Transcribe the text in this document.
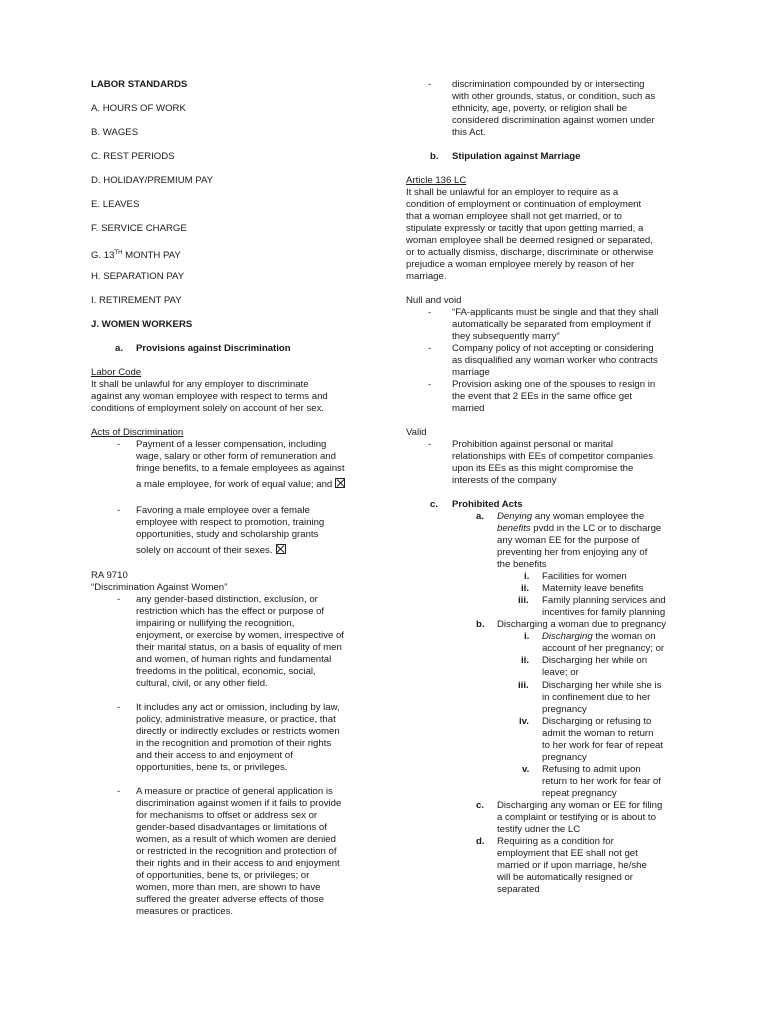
LABOR STANDARDS
A. HOURS OF WORK
B. WAGES
C. REST PERIODS
D. HOLIDAY/PREMIUM PAY
E. LEAVES
F. SERVICE CHARGE
G. 13TH MONTH PAY
H. SEPARATION PAY
I. RETIREMENT PAY
J. WOMEN WORKERS
a. Provisions against Discrimination
Labor Code
It shall be unlawful for any employer to discriminate
against any woman employee with respect to terms and
conditions of employment solely on account of her sex.
Acts of Discrimination
- Payment of a lesser compensation, including
wage, salary or other form of remuneration and
fringe benefits, to a female employees as against
a male employee, for work of equal value; and
- Favoring a male employee over a female
employee with respect to promotion, training
opportunities, study and scholarship grants
solely on account of their sexes.
RA 9710
“Discrimination Against Women”
- any gender-based distinction, exclusion, or
restriction which has the effect or purpose of
impairing or nullifying the recognition,
enjoyment, or exercise by women, irrespective of
their marital status, on a basis of equality of men
and women, of human rights and fundamental
freedoms in the political, economic, social,
cultural, civil, or any other field.
- It includes any act or omission, including by law,
policy, administrative measure, or practice, that
directly or indirectly excludes or restricts women
in the recognition and promotion of their rights
and their access to and enjoyment of
opportunities, bene ts, or privileges.
- A measure or practice of general application is
discrimination against women if it fails to provide
for mechanisms to offset or address sex or
gender-based disadvantages or limitations of
women, as a result of which women are denied
or restricted in the recognition and protection of
their rights and in their access to and enjoyment
of opportunities, bene ts, or privileges; or
women, more than men, are shown to have
suffered the greater adverse effects of those
measures or practices.
- discrimination compounded by or intersecting
with other grounds, status, or condition, such as
ethnicity, age, poverty, or religion shall be
considered discrimination against women under
this Act.
b. Stipulation against Marriage
Article 136 LC
It shall be unlawful for an employer to require as a
condition of employment or continuation of employment
that a woman employee shall not get married, or to
stipulate expressly or tacitly that upon getting married, a
woman employee shall be deemed resigned or separated,
or to actually dismiss, discharge, discriminate or otherwise
prejudice a woman employee merely by reason of her
marriage.
Null and void
- “FA-applicants must be single and that they shall
automatically be separated from employment if
they subsequently marry”
- Company policy of not accepting or considering
as disqualified any woman worker who contracts
marriage
- Provision asking one of the spouses to resign in
the event that 2 EEs in the same office get
married
Valid
- Prohibition against personal or marital
relationships with EEs of competitor companies
upon its EEs as this might compromise the
interests of the company
c. Prohibited Acts
a. Denying any woman employee the
benefits pvdd in the LC or to discharge
any woman EE for the purpose of
preventing her from enjoying any of
the benefits
i. Facilities for women
ii. Maternity leave benefits
iii. Family planning services and
incentives for family planning
b. Discharging a woman due to pregnancy
i. Discharging the woman on
account of her pregnancy; or
ii. Discharging her while on
leave; or
iii. Discharging her while she is
in confinement due to her
pregnancy
iv. Discharging or refusing to
admit the woman to return
to her work for fear of repeat
pregnancy
v. Refusing to admit upon
return to her work for fear of
repeat pregnancy
c. Discharging any woman or EE for filing
a complaint or testifying or is about to
testify udner the LC
d. Requiring as a condition for
employment that EE shall not get
married or if upon marriage, he/she
will be automatically resigned or
separated
